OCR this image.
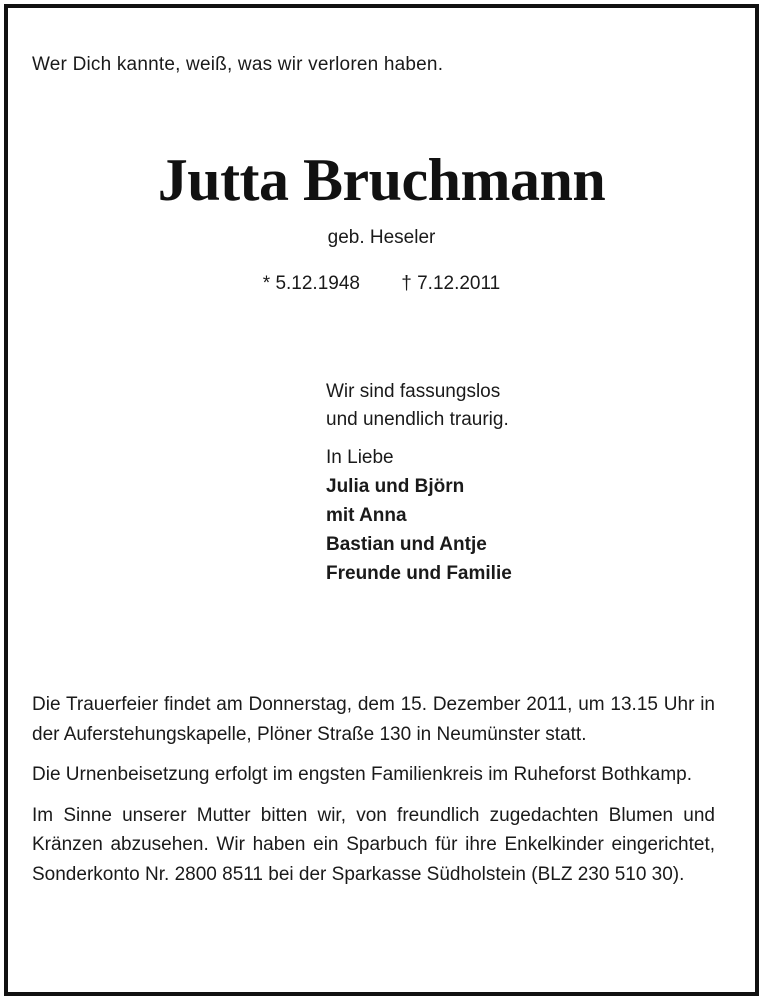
Wer Dich kannte, weiß, was wir verloren haben.
Jutta Bruchmann
geb. Heseler
* 5.12.1948 † 7.12.2011
Wir sind fassungslos
und unendlich traurig.
In Liebe
Julia und Björn
mit Anna
Bastian und Antje
Freunde und Familie

Die Trauerfeier findet am Donnerstag, dem 15. Dezember 2011, um 13.15 Uhr in der Auferstehungskapelle, Plöner Straße 130 in Neumünster statt.

Die Urnenbeisetzung erfolgt im engsten Familienkreis im Ruheforst Bothkamp.

Im Sinne unserer Mutter bitten wir, von freundlich zugedachten Blumen und Kränzen abzusehen. Wir haben ein Sparbuch für ihre Enkelkinder eingerichtet, Sonderkonto Nr. 2800 8511 bei der Sparkasse Südholstein (BLZ 230 510 30).
